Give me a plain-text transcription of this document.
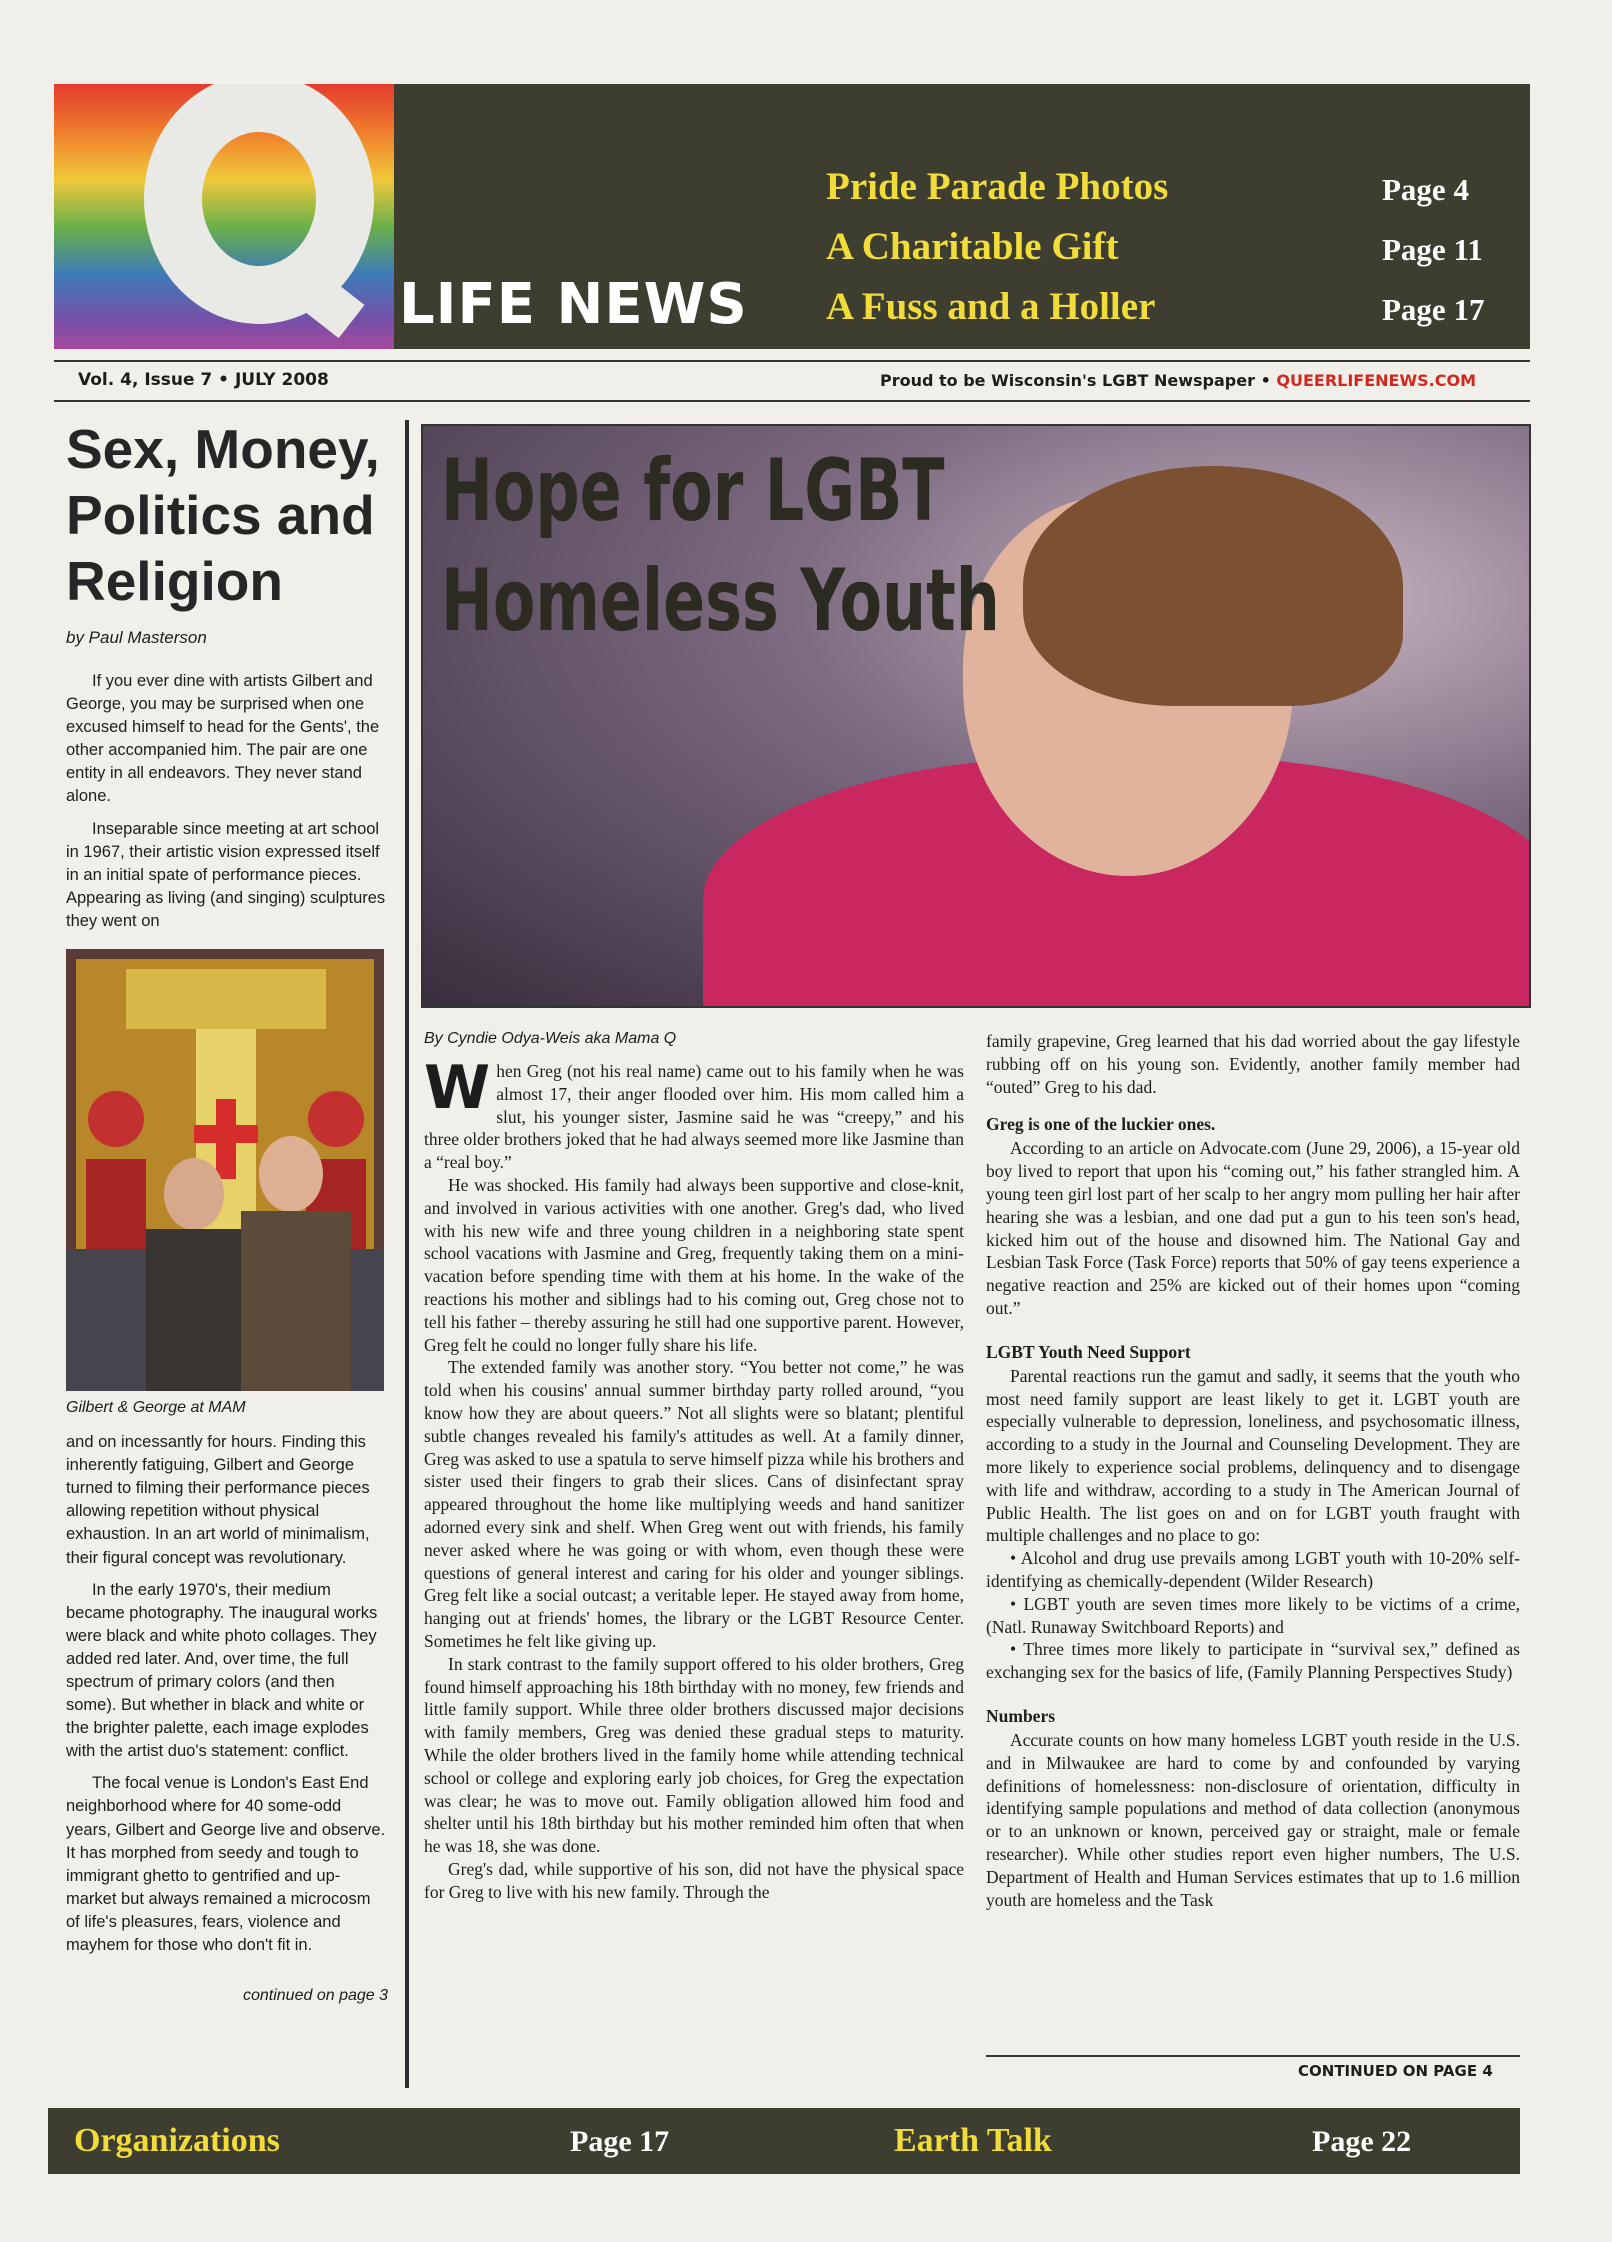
LIFE NEWS
Pride Parade Photos	Page 4
A Charitable Gift	Page 11
A Fuss and a Holler	Page 17
Vol. 4, Issue 7 • JULY 2008	Proud to be Wisconsin's LGBT Newspaper • QUEERLIFENEWS.COM
Sex, Money, Politics and Religion
by Paul Masterson

If you ever dine with artists Gilbert and George, you may be surprised when one excused himself to head for the Gents', the other accompanied him. The pair are one entity in all endeavors. They never stand alone.

Inseparable since meeting at art school in 1967, their artistic vision expressed itself in an initial spate of performance pieces. Appearing as living (and singing) sculptures they went on

Gilbert & George at MAM

and on incessantly for hours. Finding this inherently fatiguing, Gilbert and George turned to filming their performance pieces allowing repetition without physical exhaustion. In an art world of minimalism, their figural concept was revolutionary.

In the early 1970's, their medium became photography. The inaugural works were black and white photo collages. They added red later. And, over time, the full spectrum of primary colors (and then some). But whether in black and white or the brighter palette, each image explodes with the artist duo's statement: conflict.

The focal venue is London's East End neighborhood where for 40 some-odd years, Gilbert and George live and observe. It has morphed from seedy and tough to immigrant ghetto to gentrified and up-market but always remained a microcosm of life's pleasures, fears, violence and mayhem for those who don't fit in.

continued on page 3
Hope for LGBT
Homeless Youth
By Cyndie Odya-Weis aka Mama Q

When Greg (not his real name) came out to his family when he was almost 17, their anger flooded over him. His mom called him a slut, his younger sister, Jasmine said he was “creepy,” and his three older brothers joked that he had always seemed more like Jasmine than a “real boy.”

He was shocked. His family had always been supportive and close-knit, and involved in various activities with one another. Greg's dad, who lived with his new wife and three young children in a neighboring state spent school vacations with Jasmine and Greg, frequently taking them on a mini-vacation before spending time with them at his home. In the wake of the reactions his mother and siblings had to his coming out, Greg chose not to tell his father – thereby assuring he still had one supportive parent. However, Greg felt he could no longer fully share his life.

The extended family was another story. “You better not come,” he was told when his cousins' annual summer birthday party rolled around, “you know how they are about queers.” Not all slights were so blatant; plentiful subtle changes revealed his family's attitudes as well. At a family dinner, Greg was asked to use a spatula to serve himself pizza while his brothers and sister used their fingers to grab their slices. Cans of disinfectant spray appeared throughout the home like multiplying weeds and hand sanitizer adorned every sink and shelf. When Greg went out with friends, his family never asked where he was going or with whom, even though these were questions of general interest and caring for his older and younger siblings. Greg felt like a social outcast; a veritable leper. He stayed away from home, hanging out at friends' homes, the library or the LGBT Resource Center. Sometimes he felt like giving up.

In stark contrast to the family support offered to his older brothers, Greg found himself approaching his 18th birthday with no money, few friends and little family support. While three older brothers discussed major decisions with family members, Greg was denied these gradual steps to maturity. While the older brothers lived in the family home while attending technical school or college and exploring early job choices, for Greg the expectation was clear; he was to move out. Family obligation allowed him food and shelter until his 18th birthday but his mother reminded him often that when he was 18, she was done.

Greg's dad, while supportive of his son, did not have the physical space for Greg to live with his new family. Through the

family grapevine, Greg learned that his dad worried about the gay lifestyle rubbing off on his young son. Evidently, another family member had “outed” Greg to his dad.

Greg is one of the luckier ones.

According to an article on Advocate.com (June 29, 2006), a 15-year old boy lived to report that upon his “coming out,” his father strangled him. A young teen girl lost part of her scalp to her angry mom pulling her hair after hearing she was a lesbian, and one dad put a gun to his teen son's head, kicked him out of the house and disowned him. The National Gay and Lesbian Task Force (Task Force) reports that 50% of gay teens experience a negative reaction and 25% are kicked out of their homes upon “coming out.”

LGBT Youth Need Support

Parental reactions run the gamut and sadly, it seems that the youth who most need family support are least likely to get it. LGBT youth are especially vulnerable to depression, loneliness, and psychosomatic illness, according to a study in the Journal and Counseling Development. They are more likely to experience social problems, delinquency and to disengage with life and withdraw, according to a study in The American Journal of Public Health. The list goes on and on for LGBT youth fraught with multiple challenges and no place to go:

• Alcohol and drug use prevails among LGBT youth with 10-20% self-identifying as chemically-dependent (Wilder Research)

• LGBT youth are seven times more likely to be victims of a crime, (Natl. Runaway Switchboard Reports) and

• Three times more likely to participate in “survival sex,” defined as exchanging sex for the basics of life, (Family Planning Perspectives Study)

Numbers

Accurate counts on how many homeless LGBT youth reside in the U.S. and in Milwaukee are hard to come by and confounded by varying definitions of homelessness: non-disclosure of orientation, difficulty in identifying sample populations and method of data collection (anonymous or to an unknown or known, perceived gay or straight, male or female researcher). While other studies report even higher numbers, The U.S. Department of Health and Human Services estimates that up to 1.6 million youth are homeless and the Task

CONTINUED ON PAGE 4
Organizations	Page 17	Earth Talk	Page 22
